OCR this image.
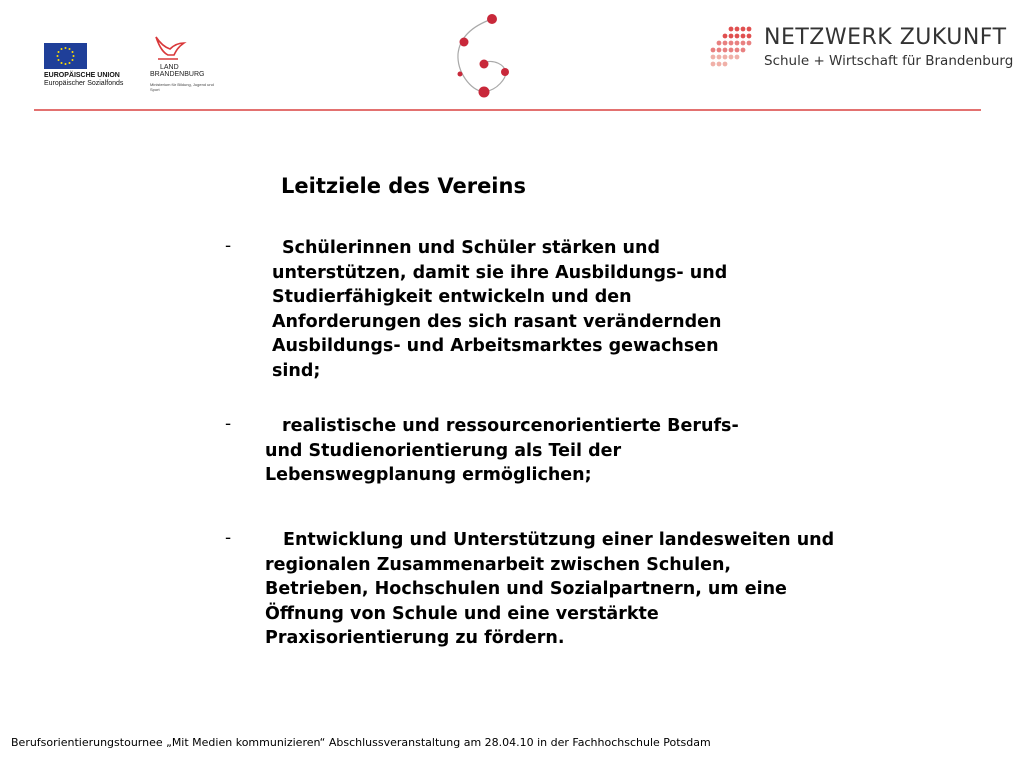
EUROPÄISCHE UNION
Europäischer Sozialfonds
LAND
BRANDENBURG
Ministerium für Bildung, Jugend und Sport
NETZWERK ZUKUNFT
Schule + Wirtschaft für Brandenburg
Leitziele des Vereins
-	Schülerinnen und Schüler stärken und
unterstützen, damit sie ihre Ausbildungs- und
Studierfähigkeit entwickeln und den
Anforderungen des sich rasant verändernden
Ausbildungs- und Arbeitsmarktes gewachsen
sind;
-	realistische und ressourcenorientierte Berufs-
und Studienorientierung als Teil der
Lebenswegplanung ermöglichen;
-	Entwicklung und Unterstützung einer landesweiten und
regionalen Zusammenarbeit zwischen Schulen,
Betrieben, Hochschulen und Sozialpartnern, um eine
Öffnung von Schule und eine verstärkte
Praxisorientierung zu fördern.
Berufsorientierungstournee „Mit Medien kommunizieren“ Abschlussveranstaltung am 28.04.10 in der Fachhochschule Potsdam
